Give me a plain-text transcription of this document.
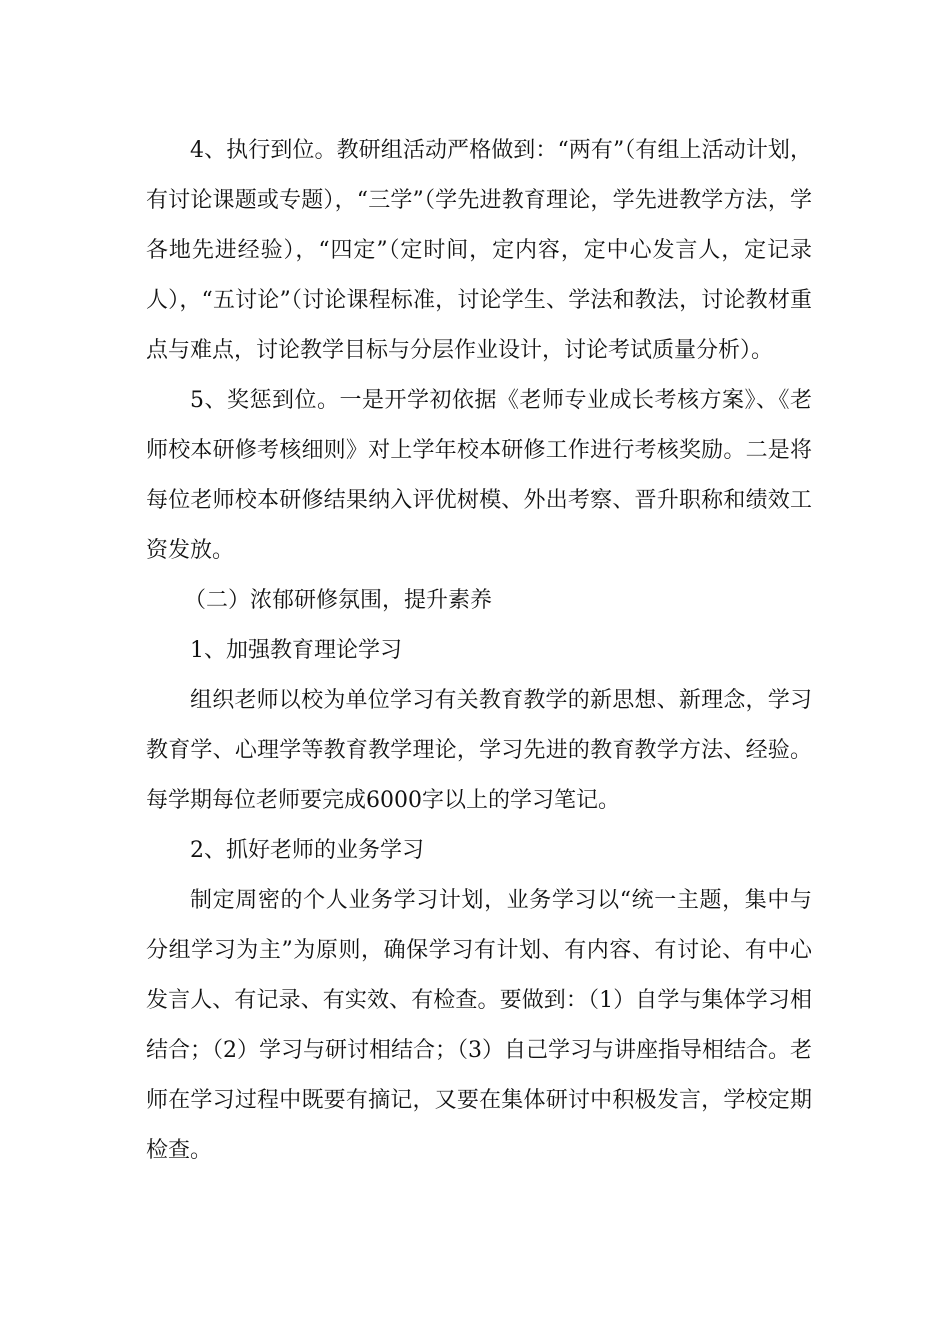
4、执行到位。教研组活动严格做到：“两有”（有组上活动计划，有讨论课题或专题），“三学”（学先进教育理论，学先进教学方法，学各地先进经验），“四定”（定时间，定内容，定中心发言人，定记录人），“五讨论”（讨论课程标准，讨论学生、学法和教法，讨论教材重点与难点，讨论教学目标与分层作业设计，讨论考试质量分析）。

5、奖惩到位。一是开学初依据《老师专业成长考核方案》、《老师校本研修考核细则》对上学年校本研修工作进行考核奖励。二是将每位老师校本研修结果纳入评优树模、外出考察、晋升职称和绩效工资发放。

（二）浓郁研修氛围，提升素养

1、加强教育理论学习

组织老师以校为单位学习有关教育教学的新思想、新理念，学习教育学、心理学等教育教学理论，学习先进的教育教学方法、经验。每学期每位老师要完成6000字以上的学习笔记。

2、抓好老师的业务学习

制定周密的个人业务学习计划，业务学习以“统一主题，集中与分组学习为主”为原则，确保学习有计划、有内容、有讨论、有中心发言人、有记录、有实效、有检查。要做到：（1）自学与集体学习相结合；（2）学习与研讨相结合；（3）自己学习与讲座指导相结合。老师在学习过程中既要有摘记，又要在集体研讨中积极发言，学校定期检查。
